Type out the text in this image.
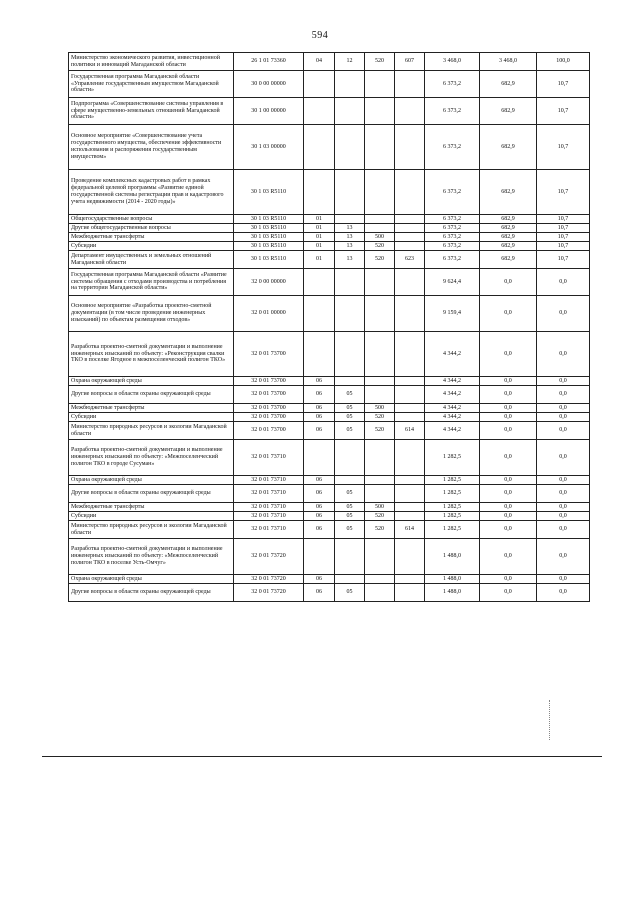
594
Министерство экономического развития, инвестиционной политики и инноваций Магаданской области	26 1 01 73360	04	12	520	607	3 468,0	3 468,0	100,0
Государственная программа Магаданской области «Управление государственным имуществом Магаданской области»	30 0 00 00000					6 373,2	682,9	10,7
Подпрограмма «Совершенствование системы управления в сфере имущественно-земельных отношений Магаданской области»	30 1 00 00000					6 373,2	682,9	10,7
Основное мероприятие «Совершенствование учета государственного имущества, обеспечение эффективности использования и распоряжения государственным имуществом»	30 1 03 00000					6 373,2	682,9	10,7
Проведение комплексных кадастровых работ в рамках федеральной целевой программы «Развитие единой государственной системы регистрации прав и кадастрового учета недвижимости (2014 - 2020 годы)»	30 1 03 R5110					6 373,2	682,9	10,7
Общегосударственные вопросы	30 1 03 R5110	01				6 373,2	682,9	10,7
Другие общегосударственные вопросы	30 1 03 R5110	01	13			6 373,2	682,9	10,7
Межбюджетные трансферты	30 1 03 R5110	01	13	500		6 373,2	682,9	10,7
Субсидии	30 1 03 R5110	01	13	520		6 373,2	682,9	10,7
Департамент имущественных и земельных отношений Магаданской области	30 1 03 R5110	01	13	520	623	6 373,2	682,9	10,7
Государственная программа Магаданской области «Развитие системы обращения с отходами производства и потребления на территории Магаданской области»	32 0 00 00000					9 624,4	0,0	0,0
Основное мероприятие «Разработка проектно-сметной документации (в том числе проведение инженерных изысканий) по объектам размещения отходов»	32 0 01 00000					9 159,4	0,0	0,0
Разработка проектно-сметной документации и выполнение инженерных изысканий по объекту: «Реконструкция свалки ТКО в поселке Ягодное в межпоселенческий полигон ТКО»	32 0 01 73700					4 344,2	0,0	0,0
Охрана окружающей среды	32 0 01 73700	06				4 344,2	0,0	0,0
Другие вопросы в области охраны окружающей среды	32 0 01 73700	06	05			4 344,2	0,0	0,0
Межбюджетные трансферты	32 0 01 73700	06	05	500		4 344,2	0,0	0,0
Субсидии	32 0 01 73700	06	05	520		4 344,2	0,0	0,0
Министерство природных ресурсов и экологии Магаданской области	32 0 01 73700	06	05	520	614	4 344,2	0,0	0,0
Разработка проектно-сметной документации и выполнение инженерных изысканий по объекту: «Межпоселенческий полигон ТКО в городе Сусуман»	32 0 01 73710					1 282,5	0,0	0,0
Охрана окружающей среды	32 0 01 73710	06				1 282,5	0,0	0,0
Другие вопросы в области охраны окружающей среды	32 0 01 73710	06	05			1 282,5	0,0	0,0
Межбюджетные трансферты	32 0 01 73710	06	05	500		1 282,5	0,0	0,0
Субсидии	32 0 01 73710	06	05	520		1 282,5	0,0	0,0
Министерство природных ресурсов и экологии Магаданской области	32 0 01 73710	06	05	520	614	1 282,5	0,0	0,0
Разработка проектно-сметной документации и выполнение инженерных изысканий по объекту: «Межпоселенческий полигон ТКО в поселке Усть-Омчуг»	32 0 01 73720					1 488,0	0,0	0,0
Охрана окружающей среды	32 0 01 73720	06				1 488,0	0,0	0,0
Другие вопросы в области охраны окружающей среды	32 0 01 73720	06	05			1 488,0	0,0	0,0
